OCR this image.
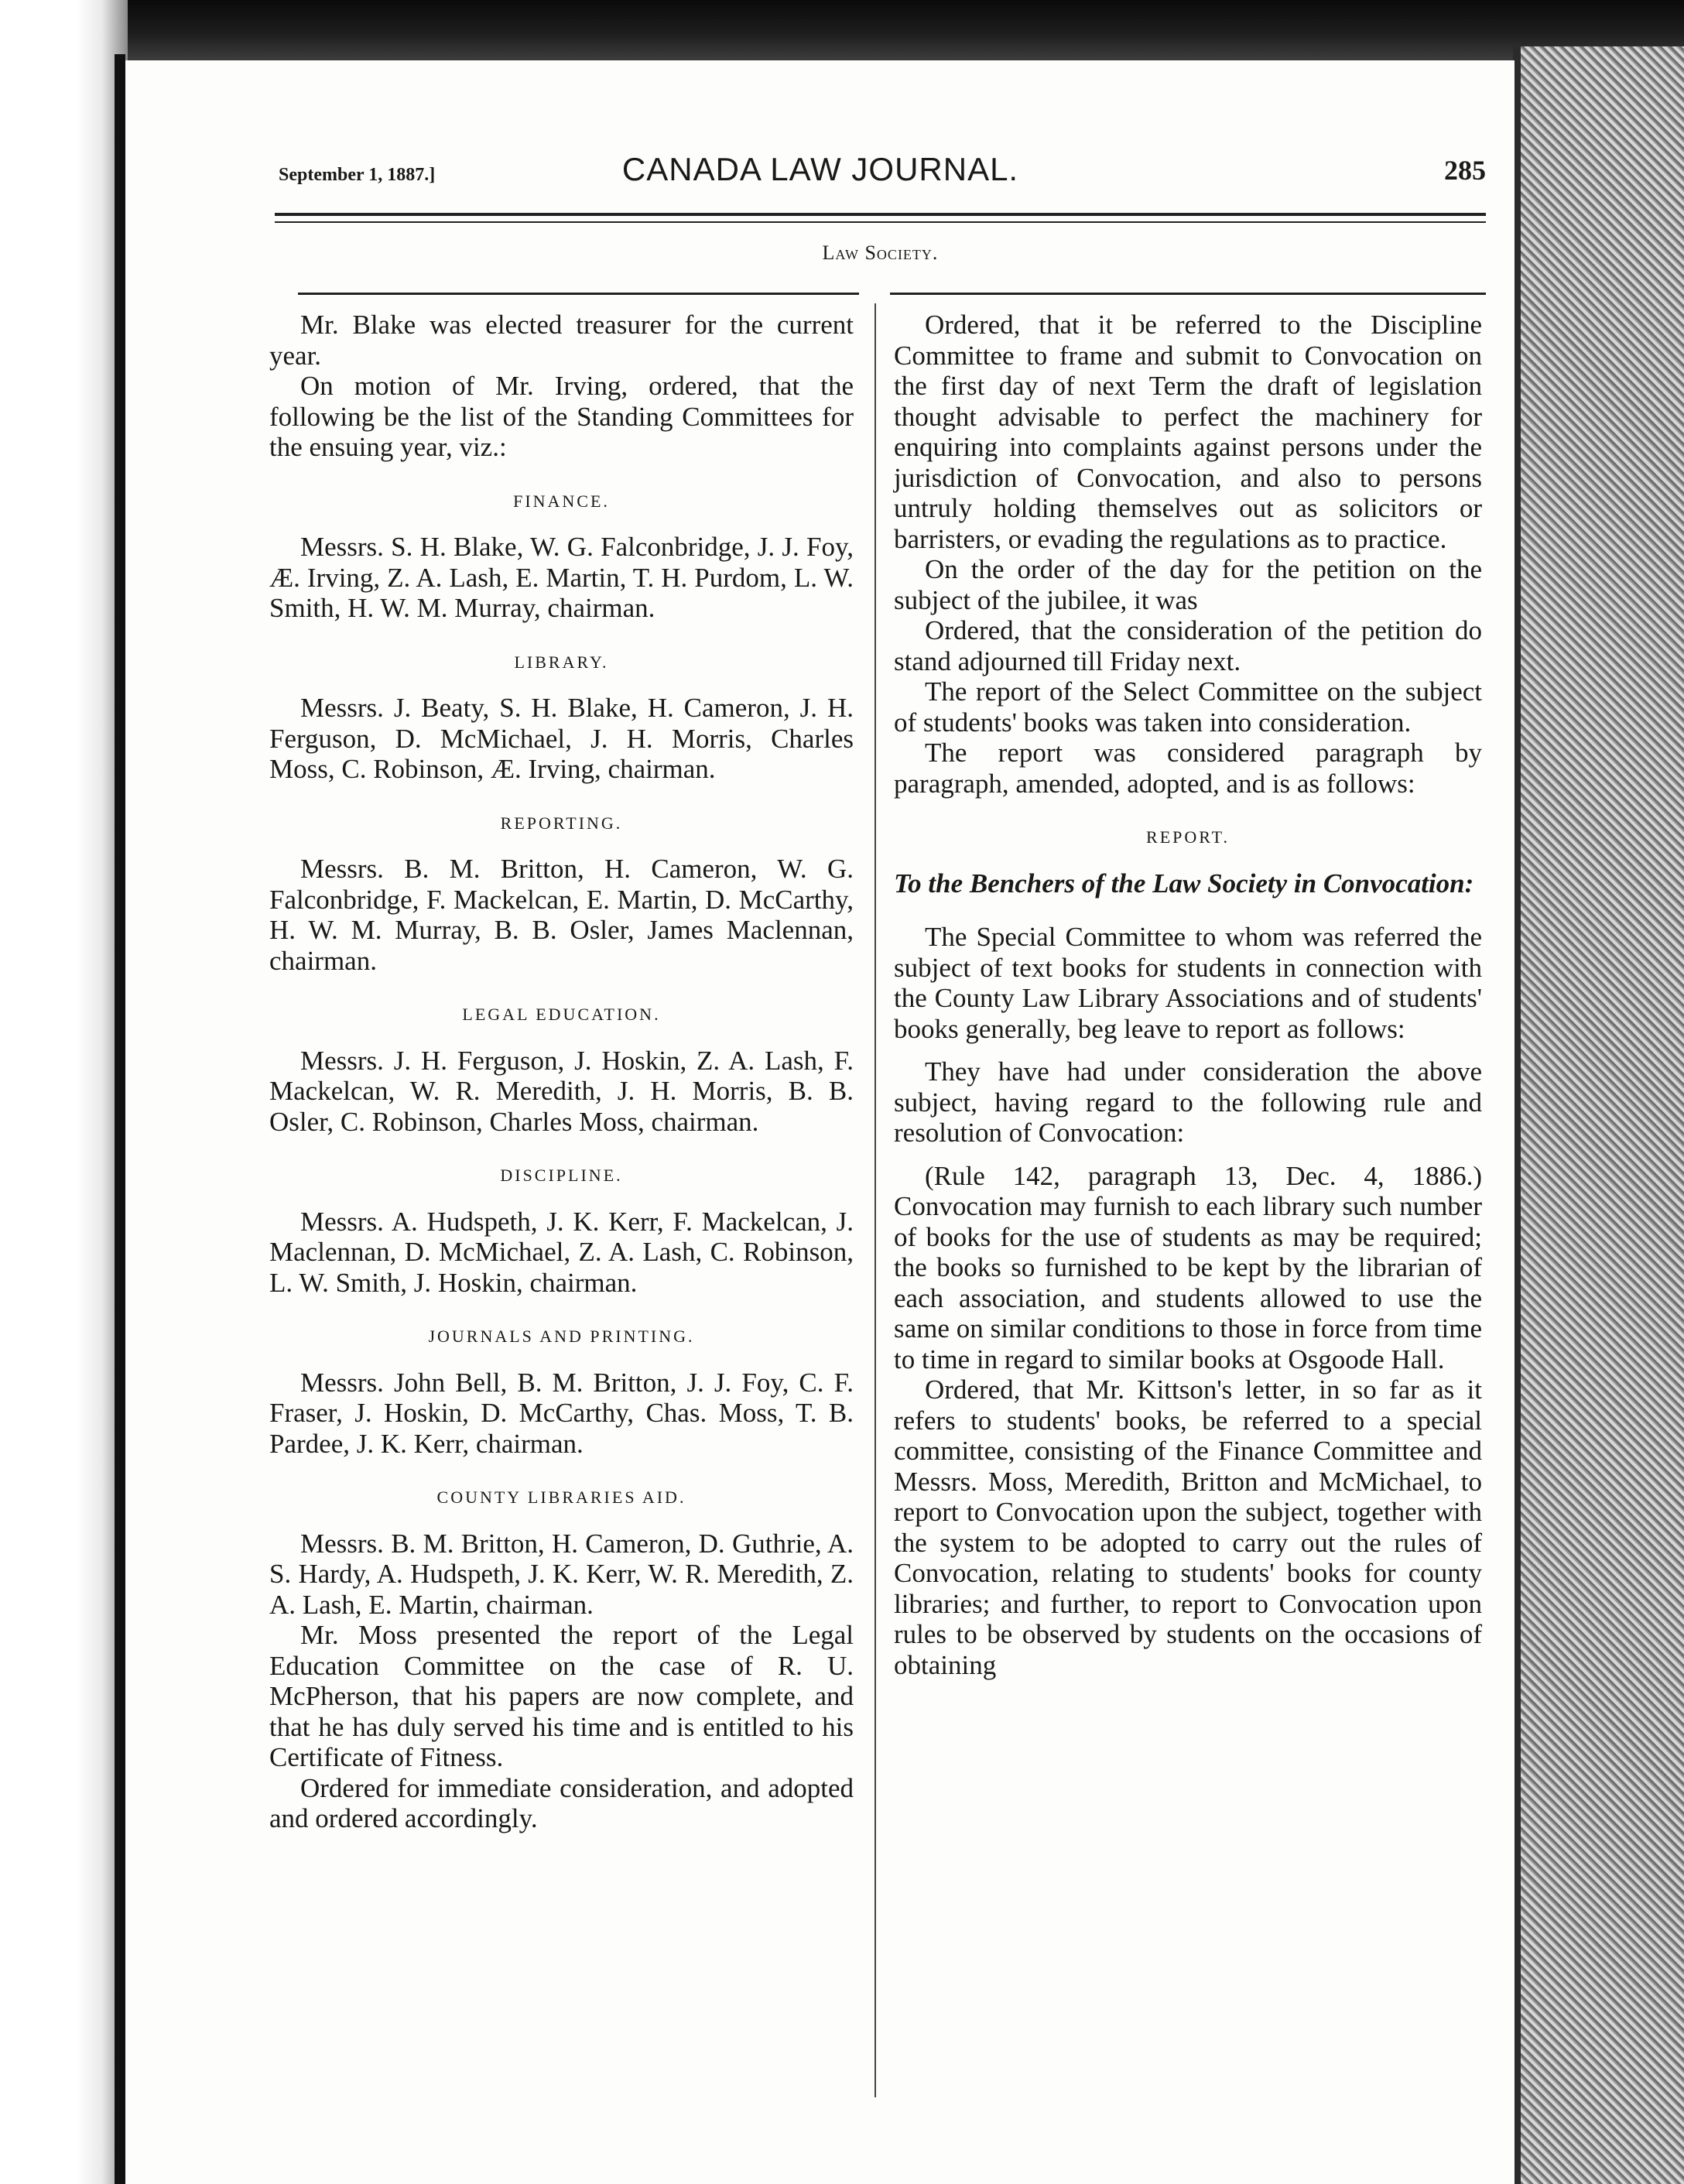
September 1, 1887.]	CANADA LAW JOURNAL.	285
Law Society.

Mr. Blake was elected treasurer for the current year.

On motion of Mr. Irving, ordered, that the following be the list of the Standing Committees for the ensuing year, viz.:

FINANCE.

Messrs. S. H. Blake, W. G. Falconbridge, J. J. Foy, Æ. Irving, Z. A. Lash, E. Martin, T. H. Purdom, L. W. Smith, H. W. M. Murray, chairman.

LIBRARY.

Messrs. J. Beaty, S. H. Blake, H. Cameron, J. H. Ferguson, D. McMichael, J. H. Morris, Charles Moss, C. Robinson, Æ. Irving, chairman.

REPORTING.

Messrs. B. M. Britton, H. Cameron, W. G. Falconbridge, F. Mackelcan, E. Martin, D. McCarthy, H. W. M. Murray, B. B. Osler, James Maclennan, chairman.

LEGAL EDUCATION.

Messrs. J. H. Ferguson, J. Hoskin, Z. A. Lash, F. Mackelcan, W. R. Meredith, J. H. Morris, B. B. Osler, C. Robinson, Charles Moss, chairman.

DISCIPLINE.

Messrs. A. Hudspeth, J. K. Kerr, F. Mackelcan, J. Maclennan, D. McMichael, Z. A. Lash, C. Robinson, L. W. Smith, J. Hoskin, chairman.

JOURNALS AND PRINTING.

Messrs. John Bell, B. M. Britton, J. J. Foy, C. F. Fraser, J. Hoskin, D. McCarthy, Chas. Moss, T. B. Pardee, J. K. Kerr, chairman.

COUNTY LIBRARIES AID.

Messrs. B. M. Britton, H. Cameron, D. Guthrie, A. S. Hardy, A. Hudspeth, J. K. Kerr, W. R. Meredith, Z. A. Lash, E. Martin, chairman.

Mr. Moss presented the report of the Legal Education Committee on the case of R. U. McPherson, that his papers are now complete, and that he has duly served his time and is entitled to his Certificate of Fitness.

Ordered for immediate consideration, and adopted and ordered accordingly.

Ordered, that it be referred to the Discipline Committee to frame and submit to Convocation on the first day of next Term the draft of legislation thought advisable to perfect the machinery for enquiring into complaints against persons under the jurisdiction of Convocation, and also to persons untruly holding themselves out as solicitors or barristers, or evading the regulations as to practice.

On the order of the day for the petition on the subject of the jubilee, it was

Ordered, that the consideration of the petition do stand adjourned till Friday next.

The report of the Select Committee on the subject of students' books was taken into consideration.

The report was considered paragraph by paragraph, amended, adopted, and is as follows:

REPORT.

To the Benchers of the Law Society in Convocation:

The Special Committee to whom was referred the subject of text books for students in connection with the County Law Library Associations and of students' books generally, beg leave to report as follows:

They have had under consideration the above subject, having regard to the following rule and resolution of Convocation:

(Rule 142, paragraph 13, Dec. 4, 1886.) Convocation may furnish to each library such number of books for the use of students as may be required; the books so furnished to be kept by the librarian of each association, and students allowed to use the same on similar conditions to those in force from time to time in regard to similar books at Osgoode Hall.

Ordered, that Mr. Kittson's letter, in so far as it refers to students' books, be referred to a special committee, consisting of the Finance Committee and Messrs. Moss, Meredith, Britton and McMichael, to report to Convocation upon the subject, together with the system to be adopted to carry out the rules of Convocation, relating to students' books for county libraries; and further, to report to Convocation upon rules to be observed by students on the occasions of obtaining
